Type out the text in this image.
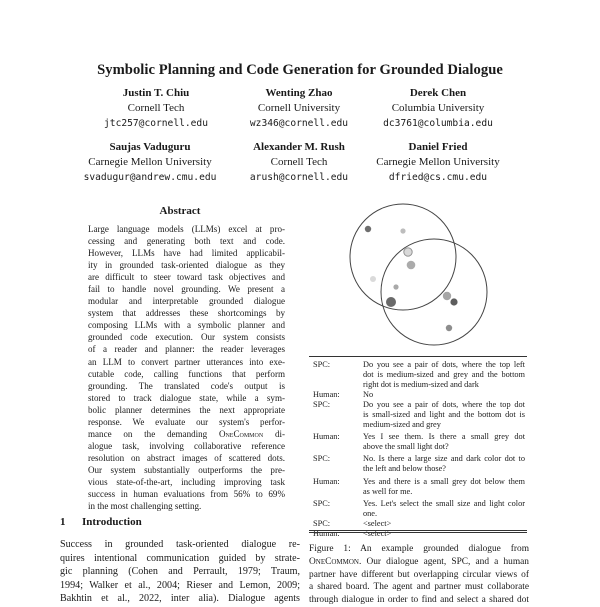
Symbolic Planning and Code Generation for Grounded Dialogue
Justin T. Chiu
Cornell Tech
jtc257@cornell.edu
Wenting Zhao
Cornell University
wz346@cornell.edu
Derek Chen
Columbia University
dc3761@columbia.edu
Saujas Vaduguru
Carnegie Mellon University
svadugur@andrew.cmu.edu
Alexander M. Rush
Cornell Tech
arush@cornell.edu
Daniel Fried
Carnegie Mellon University
dfried@cs.cmu.edu
Abstract
Large language models (LLMs) excel at pro-
cessing and generating both text and code.
However, LLMs have had limited applicabil-
ity in grounded task-oriented dialogue as they
are difficult to steer toward task objectives and
fail to handle novel grounding. We present a
modular and interpretable grounded dialogue
system that addresses these shortcomings by
composing LLMs with a symbolic planner and
grounded code execution. Our system consists
of a reader and planner: the reader leverages
an LLM to convert partner utterances into exe-
cutable code, calling functions that perform
grounding. The translated code's output is
stored to track dialogue state, while a sym-
bolic planner determines the next appropriate
response. We evaluate our system's perfor-
mance on the demanding OneCommon di-
alogue task, involving collaborative reference
resolution on abstract images of scattered dots.
Our system substantially outperforms the pre-
vious state-of-the-art, including improving task
success in human evaluations from 56% to 69%
in the most challenging setting.
1 Introduction
Success in grounded task-oriented dialogue re-
quires intentional communication guided by strate-
gic planning (Cohen and Perrault, 1979; Traum,
1994; Walker et al., 2004; Rieser and Lemon, 2009;
Bakhtin et al., 2022, inter alia). Dialogue agents
SPC:	Do you see a pair of dots, where the top left
dot is medium-sized and grey and the bottom
right dot is medium-sized and dark
Human:	No
SPC:	Do you see a pair of dots, where the top dot
is small-sized and light and the bottom dot is
medium-sized and grey
Human:	Yes I see them. Is there a small grey dot
above the small light dot?
SPC:	No. Is there a large size and dark color dot to
the left and below those?
Human:	Yes and there is a small grey dot below them
as well for me.
SPC:	Yes. Let's select the small size and light color
one.
SPC:	<select>
Human:	<select>
Figure 1: An example grounded dialogue from
OneCommon. Our dialogue agent, SPC, and a human
partner have different but overlapping circular views of
a shared board. The agent and partner must collaborate
through dialogue in order to find and select a shared dot
